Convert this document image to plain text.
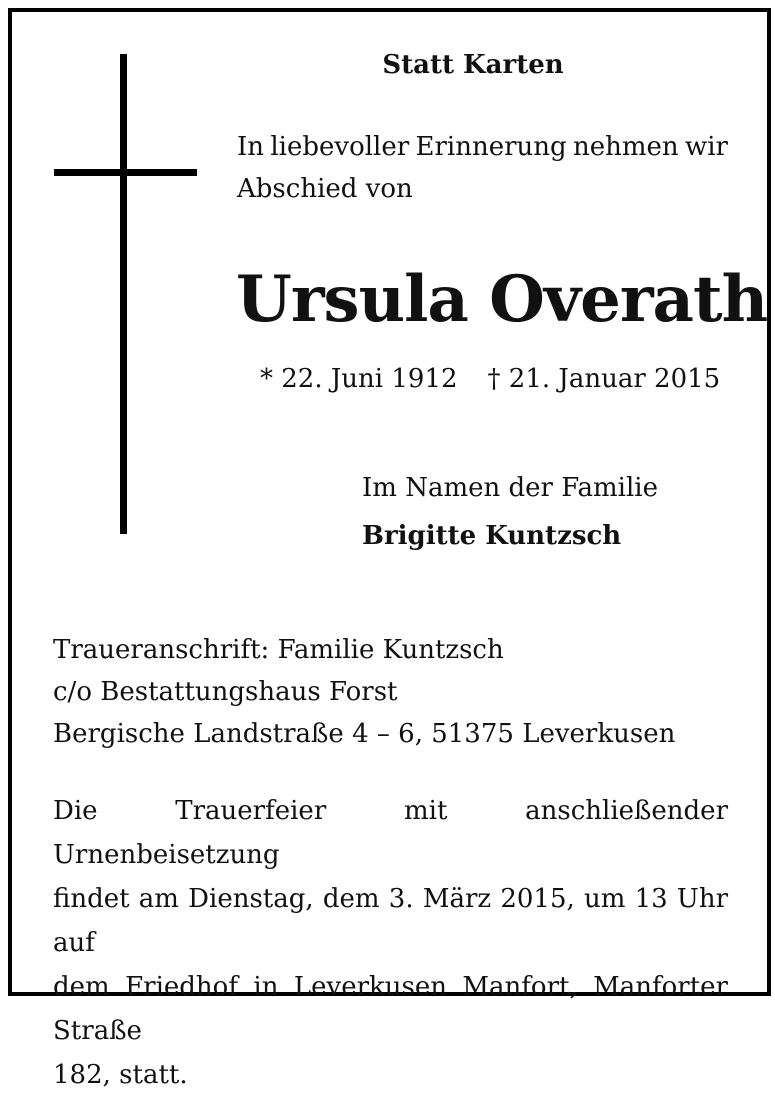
Statt Karten
In liebevoller Erinnerung nehmen wir
Abschied von
Ursula Overath
* 22. Juni 1912 † 21. Januar 2015
Im Namen der Familie
Brigitte Kuntzsch
Traueranschrift: Familie Kuntzsch
c/o Bestattungshaus Forst
Bergische Landstraße 4 – 6, 51375 Leverkusen
Die Trauerfeier mit anschließender Urnenbeisetzung
findet am Dienstag, dem 3. März 2015, um 13 Uhr auf
dem Friedhof in Leverkusen Manfort, Manforter Straße
182, statt.
